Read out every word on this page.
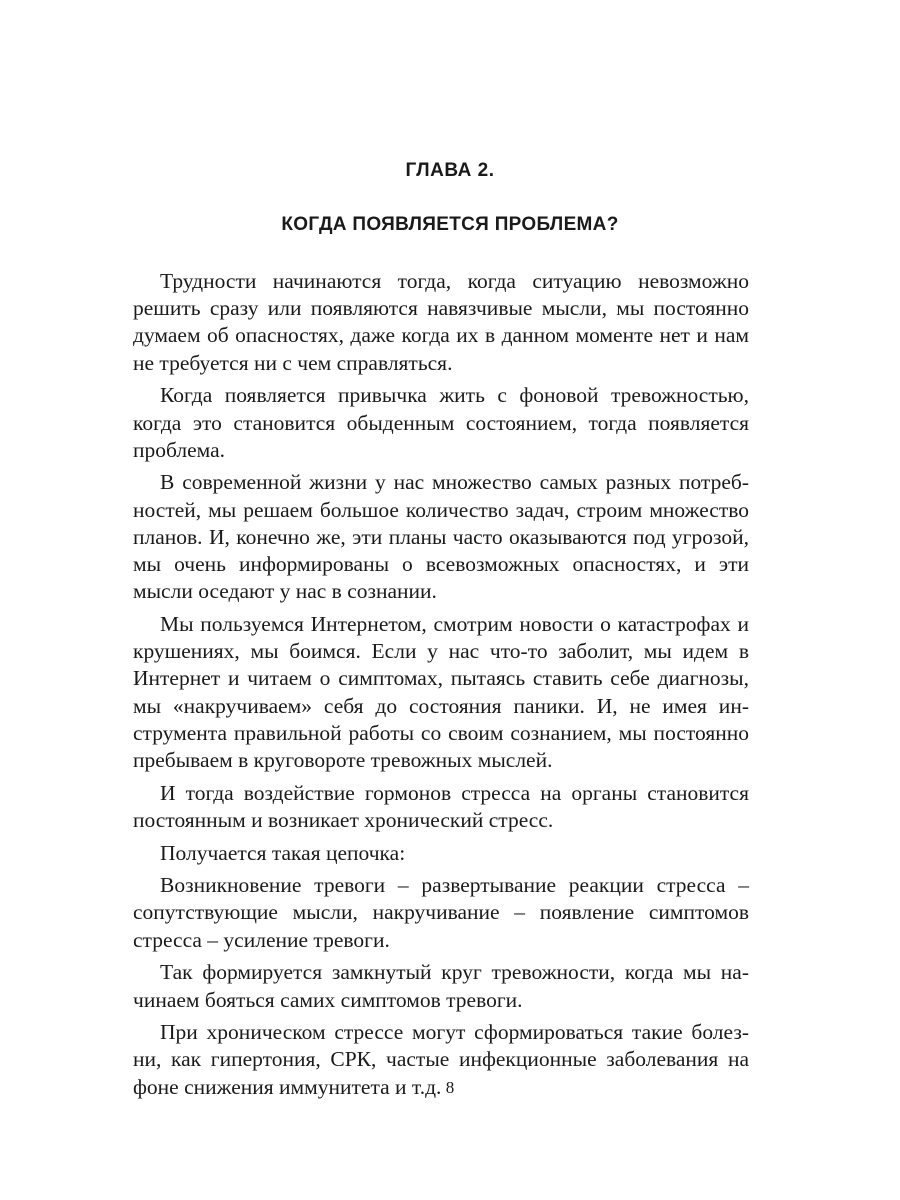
ГЛАВА 2.
КОГДА ПОЯВЛЯЕТСЯ ПРОБЛЕМА?

Трудности начинаются тогда, когда ситуацию невозможно решить сразу или появляются навязчивые мысли, мы постоянно думаем об опасностях, даже когда их в данном моменте нет и нам не требуется ни с чем справляться.

Когда появляется привычка жить с фоновой тревожностью, когда это становится обыденным состоянием, тогда появляется проблема.

В современной жизни у нас множество самых разных потребностей, мы решаем большое количество задач, строим множество планов. И, конечно же, эти планы часто оказываются под угрозой, мы очень информированы о всевозможных опасностях, и эти мысли оседают у нас в сознании.

Мы пользуемся Интернетом, смотрим новости о катастрофах и крушениях, мы боимся. Если у нас что-то заболит, мы идем в Интернет и читаем о симптомах, пытаясь ставить себе диагнозы, мы «накручиваем» себя до состояния паники. И, не имея инструмента правильной работы со своим сознанием, мы постоянно пребываем в круговороте тревожных мыслей.

И тогда воздействие гормонов стресса на органы становится постоянным и возникает хронический стресс.

Получается такая цепочка:

Возникновение тревоги – развертывание реакции стресса – сопутствующие мысли, накручивание – появление симптомов стресса – усиление тревоги.

Так формируется замкнутый круг тревожности, когда мы начинаем бояться самих симптомов тревоги.

При хроническом стрессе могут сформироваться такие болезни, как гипертония, СРК, частые инфекционные заболевания на фоне снижения иммунитета и т.д. 8
